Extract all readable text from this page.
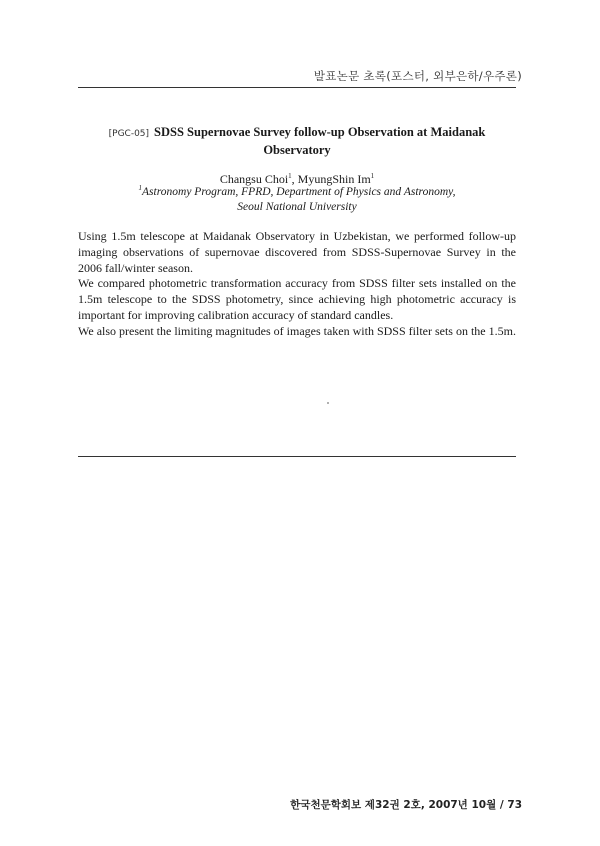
발표논문 초록(포스터, 외부은하/우주론)
[PGC-05] SDSS Supernovae Survey follow-up Observation at Maidanak
Observatory
Changsu Choi$^1$, MyungShin Im$^1$
$^1$Astronomy Program, FPRD, Department of Physics and Astronomy,
Seoul National University

Using 1.5m telescope at Maidanak Observatory in Uzbekistan, we performed follow-up imaging observations of supernovae discovered from SDSS-Supernovae Survey in the 2006 fall/winter season.

We compared photometric transformation accuracy from SDSS filter sets installed on the 1.5m telescope to the SDSS photometry, since achieving high photometric accuracy is important for improving calibration accuracy of standard candles.

We also present the limiting magnitudes of images taken with SDSS filter sets on the 1.5m.

한국천문학회보 제32권 2호, 2007년 10월 / 73
